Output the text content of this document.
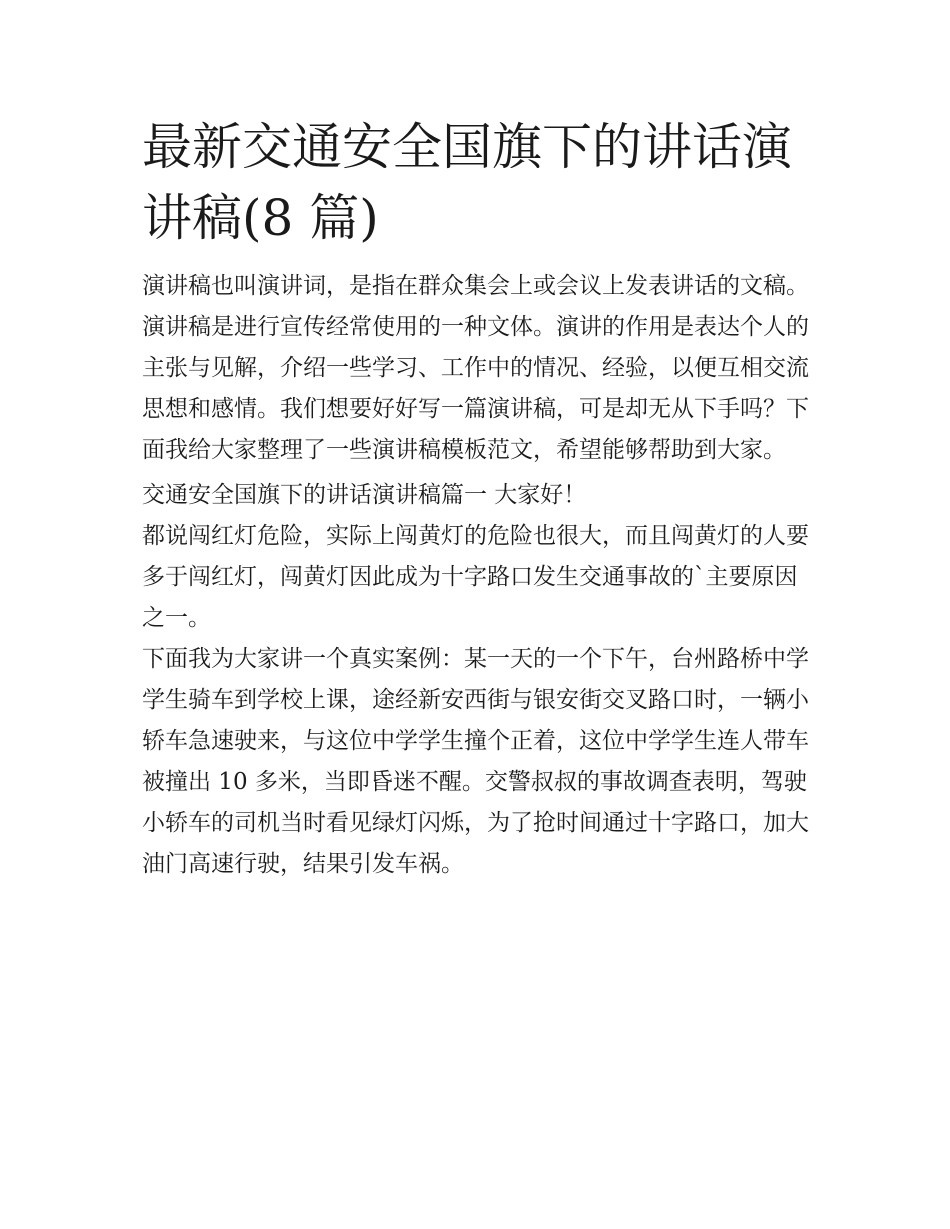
最新交通安全国旗下的讲话演讲稿(8 篇)

演讲稿也叫演讲词，是指在群众集会上或会议上发表讲话的文稿。演讲稿是进行宣传经常使用的一种文体。演讲的作用是表达个人的主张与见解，介绍一些学习、工作中的情况、经验，以便互相交流思想和感情。我们想要好好写一篇演讲稿，可是却无从下手吗？下面我给大家整理了一些演讲稿模板范文，希望能够帮助到大家。

交通安全国旗下的讲话演讲稿篇一 大家好！

都说闯红灯危险，实际上闯黄灯的危险也很大，而且闯黄灯的人要多于闯红灯，闯黄灯因此成为十字路口发生交通事故的`主要原因之一。

下面我为大家讲一个真实案例：某一天的一个下午，台州路桥中学学生骑车到学校上课，途经新安西街与银安街交叉路口时，一辆小轿车急速驶来，与这位中学学生撞个正着，这位中学学生连人带车被撞出 10 多米，当即昏迷不醒。交警叔叔的事故调查表明，驾驶小轿车的司机当时看见绿灯闪烁，为了抢时间通过十字路口，加大油门高速行驶，结果引发车祸。
